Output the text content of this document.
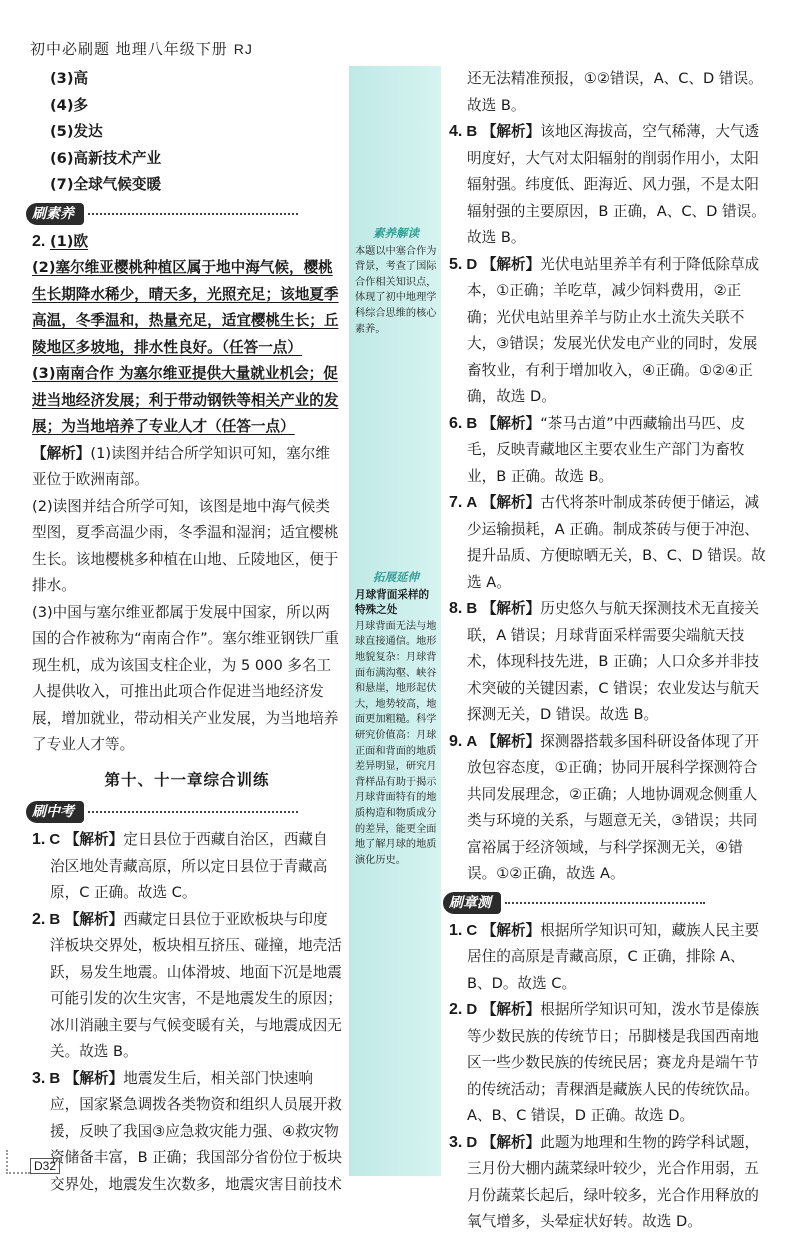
初中必刷题 地理八年级下册 RJ
素养解读
本题以中塞合作为背景，考查了国际合作相关知识点，体现了初中地理学科综合思维的核心素养。
拓展延伸
月球背面采样的特殊之处
月球背面无法与地球直接通信。地形地貌复杂：月球背面布满沟壑、峡谷和悬崖，地形起伏大，地势较高，地面更加粗糙。科学研究价值高：月球正面和背面的地质差异明显，研究月背样品有助于揭示月球背面特有的地质构造和物质成分的差异，能更全面地了解月球的地质演化历史。
(3)高
(4)多
(5)发达
(6)高新技术产业
(7)全球气候变暖
刷素养
2. (1)欧
(2)塞尔维亚樱桃种植区属于地中海气候，樱桃生长期降水稀少，晴天多，光照充足；该地夏季高温，冬季温和，热量充足，适宜樱桃生长；丘陵地区多坡地，排水性良好。（任答一点）
(3)南南合作 为塞尔维亚提供大量就业机会；促进当地经济发展；利于带动钢铁等相关产业的发展；为当地培养了专业人才（任答一点）
【解析】(1)读图并结合所学知识可知，塞尔维亚位于欧洲南部。
(2)读图并结合所学可知，该图是地中海气候类型图，夏季高温少雨，冬季温和湿润；适宜樱桃生长。该地樱桃多种植在山地、丘陵地区，便于排水。
(3)中国与塞尔维亚都属于发展中国家，所以两国的合作被称为“南南合作”。塞尔维亚钢铁厂重现生机，成为该国支柱企业，为 5 000 多名工人提供收入，可推出此项合作促进当地经济发展，增加就业，带动相关产业发展，为当地培养了专业人才等。
第十、十一章综合训练
刷中考
1. C 【解析】定日县位于西藏自治区，西藏自治区地处青藏高原，所以定日县位于青藏高原，C 正确。故选 C。
2. B 【解析】西藏定日县位于亚欧板块与印度洋板块交界处，板块相互挤压、碰撞，地壳活跃，易发生地震。山体滑坡、地面下沉是地震可能引发的次生灾害，不是地震发生的原因；冰川消融主要与气候变暖有关，与地震成因无关。故选 B。
3. B 【解析】地震发生后，相关部门快速响应，国家紧急调拨各类物资和组织人员展开救援，反映了我国③应急救灾能力强、④救灾物资储备丰富，B 正确；我国部分省份位于板块交界处，地震发生次数多，地震灾害目前技术
还无法精准预报，①②错误，A、C、D 错误。故选 B。
4. B 【解析】该地区海拔高，空气稀薄，大气透明度好，大气对太阳辐射的削弱作用小，太阳辐射强。纬度低、距海近、风力强，不是太阳辐射强的主要原因，B 正确，A、C、D 错误。故选 B。
5. D 【解析】光伏电站里养羊有利于降低除草成本，①正确；羊吃草，减少饲料费用，②正确；光伏电站里养羊与防止水土流失关联不大，③错误；发展光伏发电产业的同时，发展畜牧业，有利于增加收入，④正确。①②④正确，故选 D。
6. B 【解析】“茶马古道”中西藏输出马匹、皮毛，反映青藏地区主要农业生产部门为畜牧业，B 正确。故选 B。
7. A 【解析】古代将茶叶制成茶砖便于储运，减少运输损耗，A 正确。制成茶砖与便于冲泡、提升品质、方便晾晒无关，B、C、D 错误。故选 A。
8. B 【解析】历史悠久与航天探测技术无直接关联，A 错误；月球背面采样需要尖端航天技术，体现科技先进，B 正确；人口众多并非技术突破的关键因素，C 错误；农业发达与航天探测无关，D 错误。故选 B。
9. A 【解析】探测器搭载多国科研设备体现了开放包容态度，①正确；协同开展科学探测符合共同发展理念，②正确；人地协调观念侧重人类与环境的关系，与题意无关，③错误；共同富裕属于经济领域，与科学探测无关，④错误。①②正确，故选 A。
刷章测
1. C 【解析】根据所学知识可知，藏族人民主要居住的高原是青藏高原，C 正确，排除 A、B、D。故选 C。
2. D 【解析】根据所学知识可知，泼水节是傣族等少数民族的传统节日；吊脚楼是我国西南地区一些少数民族的传统民居；赛龙舟是端午节的传统活动；青稞酒是藏族人民的传统饮品。A、B、C 错误，D 正确。故选 D。
3. D 【解析】此题为地理和生物的跨学科试题，三月份大棚内蔬菜绿叶较少，光合作用弱，五月份蔬菜长起后，绿叶较多，光合作用释放的氧气增多，头晕症状好转。故选 D。
D32
